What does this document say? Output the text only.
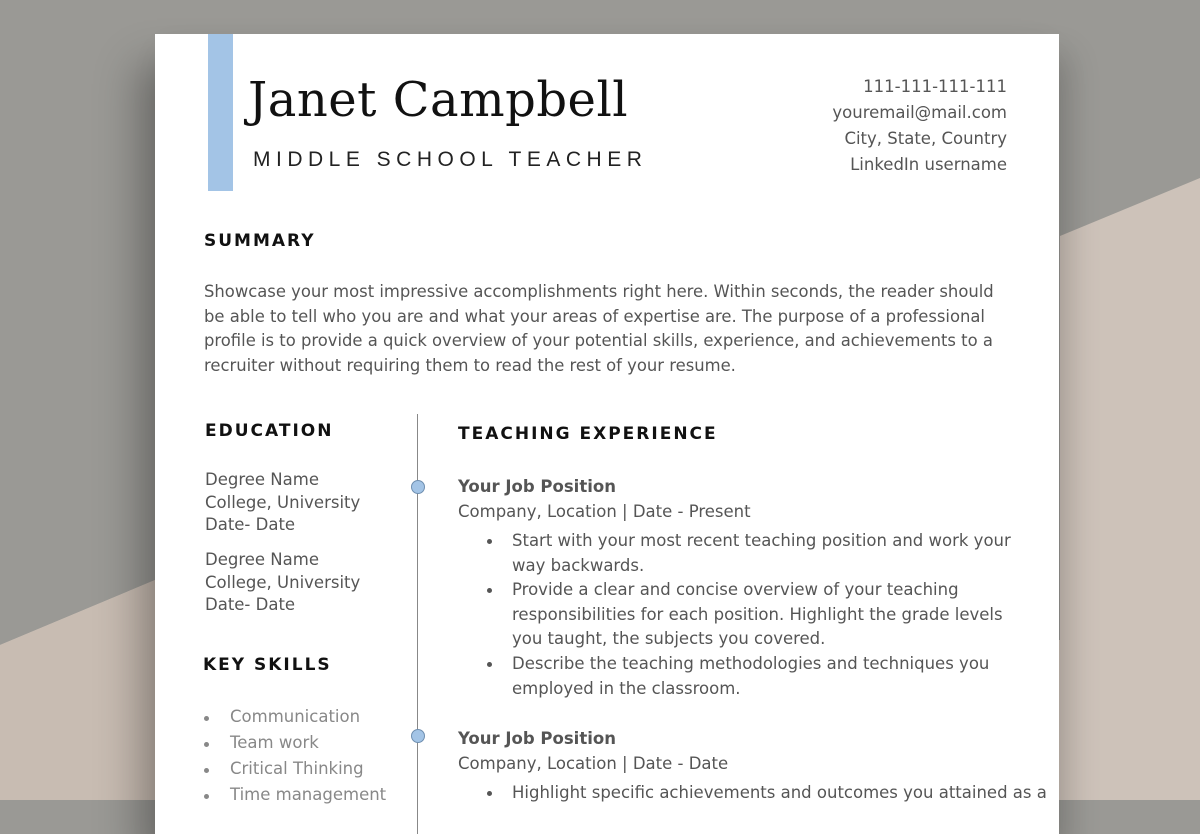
Janet Campbell
MIDDLE SCHOOL TEACHER
111-111-111-111
youremail@mail.com
City, State, Country
LinkedIn username
SUMMARY
Showcase your most impressive accomplishments right here. Within seconds, the reader should be able to tell who you are and what your areas of expertise are. The purpose of a professional profile is to provide a quick overview of your potential skills, experience, and achievements to a recruiter without requiring them to read the rest of your resume.
EDUCATION
Degree Name
College, University
Date- Date
Degree Name
College, University
Date- Date
KEY SKILLS
Communication
Team work
Critical Thinking
Time management
TEACHING EXPERIENCE
Your Job Position
Company, Location | Date - Present
Start with your most recent teaching position and work your way backwards.
Provide a clear and concise overview of your teaching responsibilities for each position. Highlight the grade levels you taught, the subjects you covered.
Describe the teaching methodologies and techniques you employed in the classroom.
Your Job Position
Company, Location | Date - Date
Highlight specific achievements and outcomes you attained as a
